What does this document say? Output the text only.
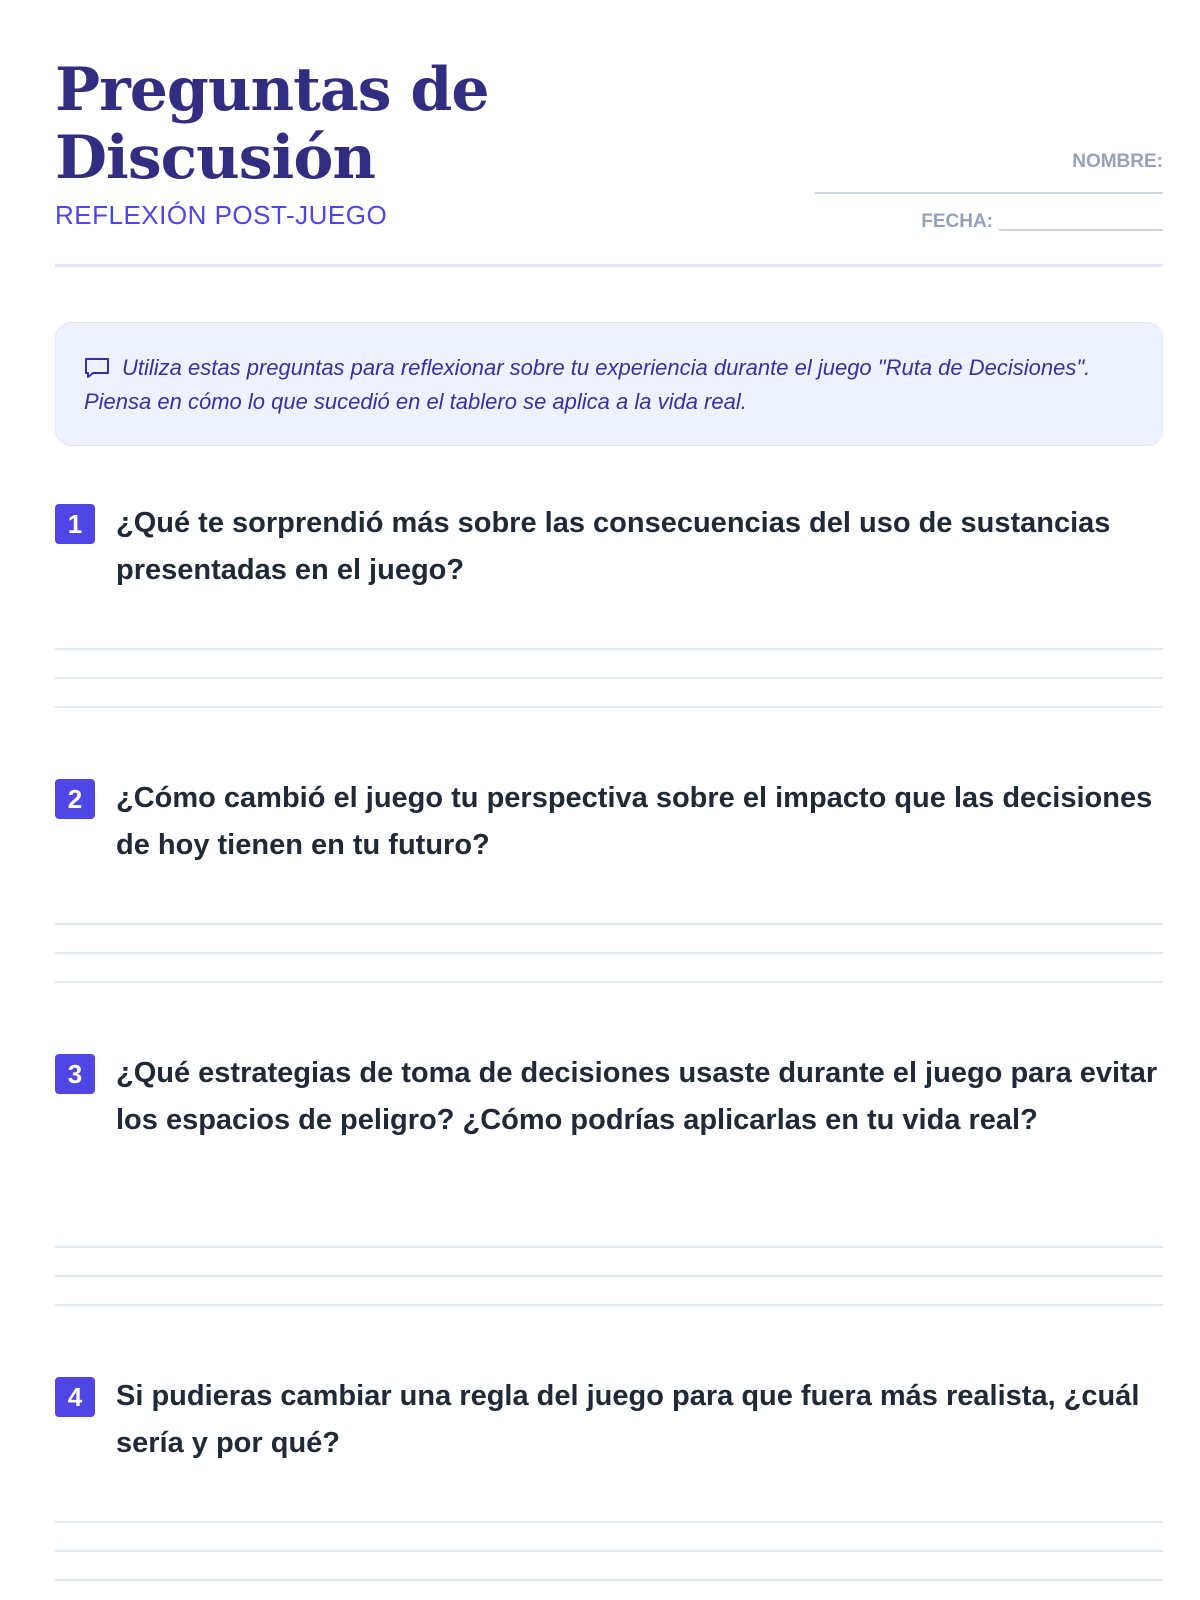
Preguntas de
Discusión
REFLEXIÓN POST-JUEGO
NOMBRE:
FECHA:
Utiliza estas preguntas para reflexionar sobre tu experiencia durante el juego "Ruta de Decisiones". Piensa en cómo lo que sucedió en el tablero se aplica a la vida real.
1	¿Qué te sorprendió más sobre las consecuencias del uso de sustancias presentadas en el juego?
2	¿Cómo cambió el juego tu perspectiva sobre el impacto que las decisiones de hoy tienen en tu futuro?
3	¿Qué estrategias de toma de decisiones usaste durante el juego para evitar los espacios de peligro? ¿Cómo podrías aplicarlas en tu vida real?
4	Si pudieras cambiar una regla del juego para que fuera más realista, ¿cuál sería y por qué?
